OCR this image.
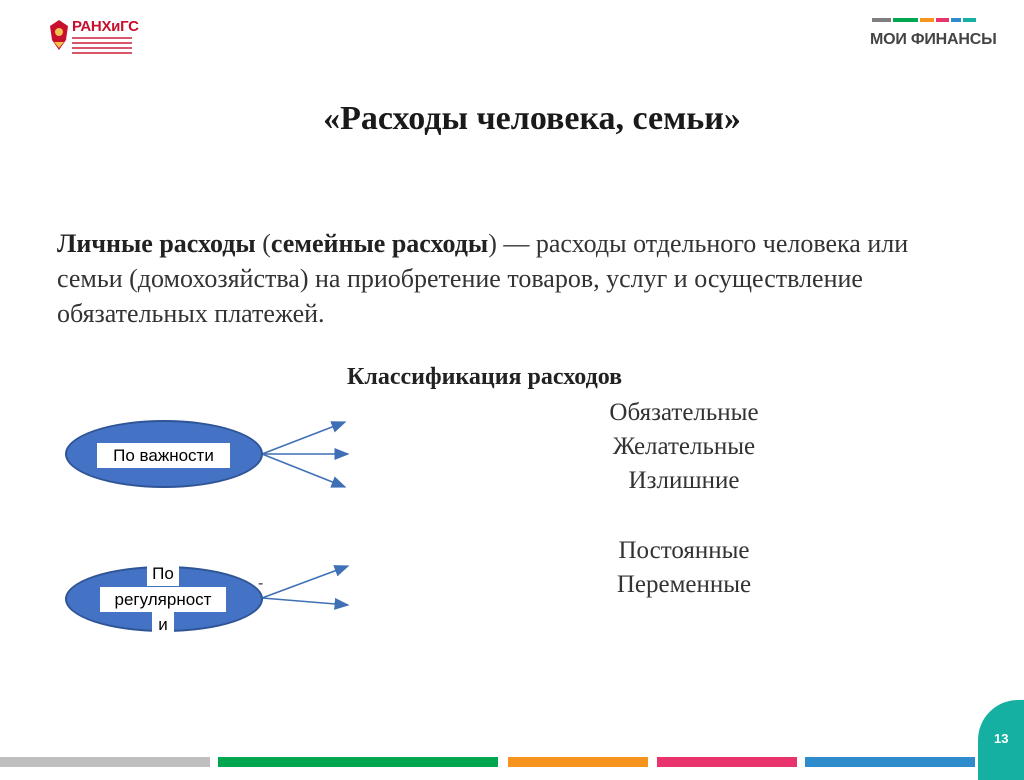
РАНХиГС
МОИ ФИНАНСЫ
«Расходы человека, семьи»
Личные расходы (семейные расходы) — расходы отдельного человека или семьи (домохозяйства) на приобретение товаров, услуг и осуществление обязательных платежей.
Классификация расходов
По важности
Обязательные
Желательные
Излишние
По
регулярност
и
-
Постоянные
Переменные
13
